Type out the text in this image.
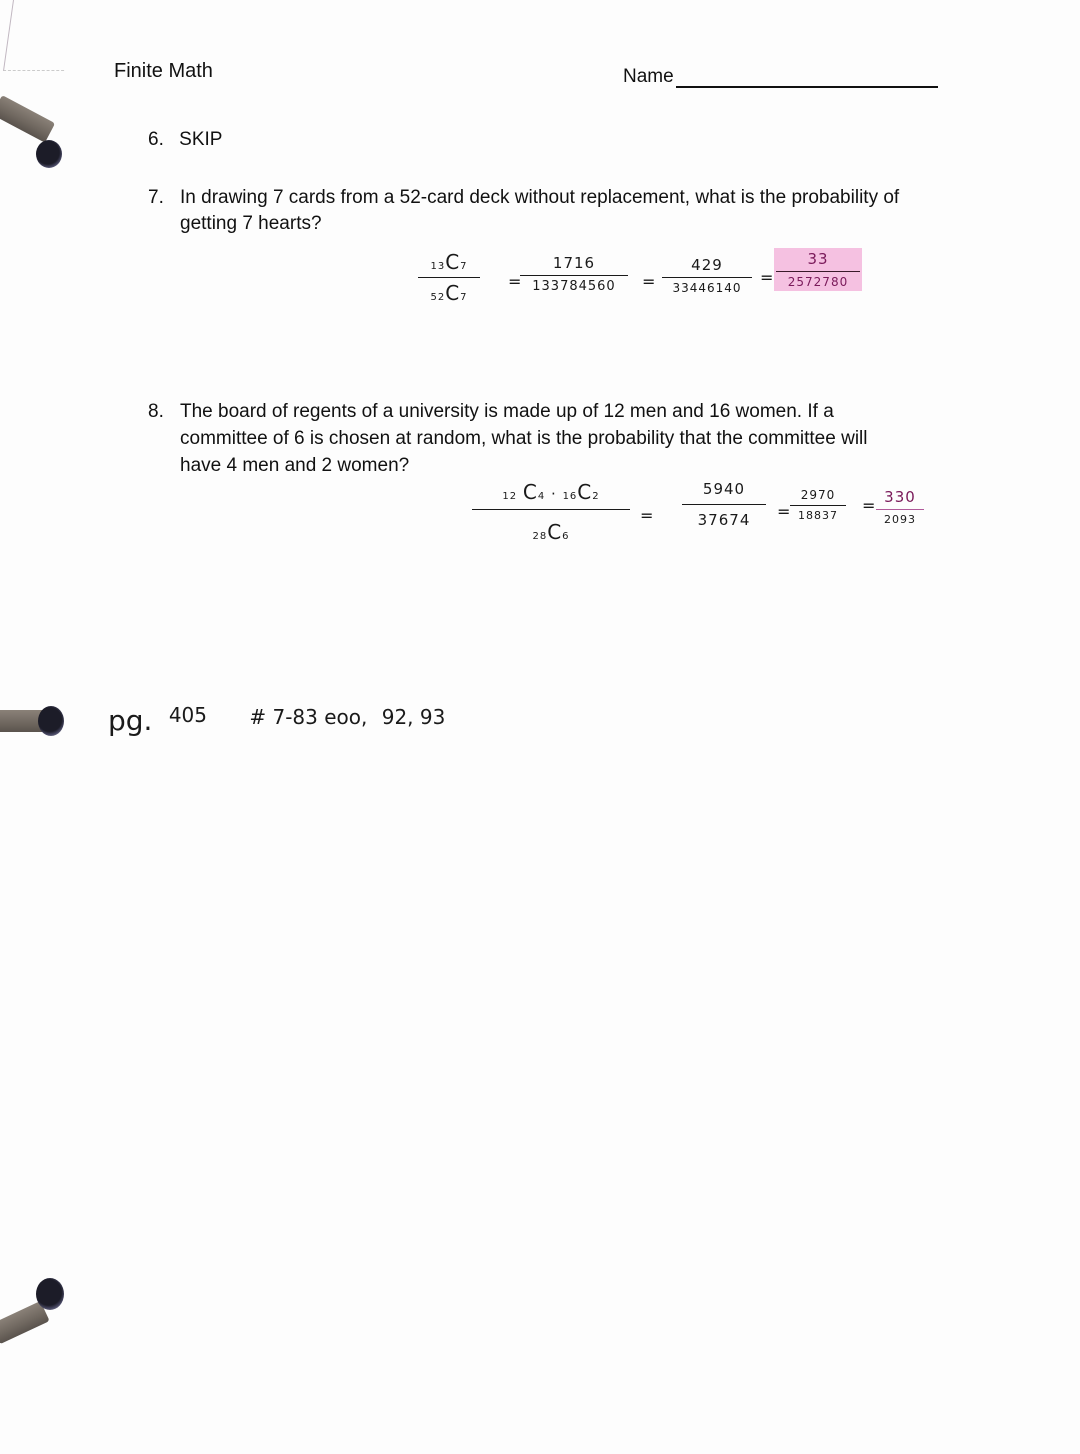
Finite Math	Name
6. SKIP
7. In drawing 7 cards from a 52-card deck without replacement, what is the probability of
getting 7 hearts?
13C7
52C7
=
1716
133784560	=
429
33446140
=
33
2572780
8. The board of regents of a university is made up of 12 men and 16 women. If a
committee of 6 is chosen at random, what is the probability that the committee will
have 4 men and 2 women?
12 C4 · 16C2
28C6
=
5940
37674	=
2970
18837
= 330
2093
pg. 405 # 7-83 eoo, 92, 93
